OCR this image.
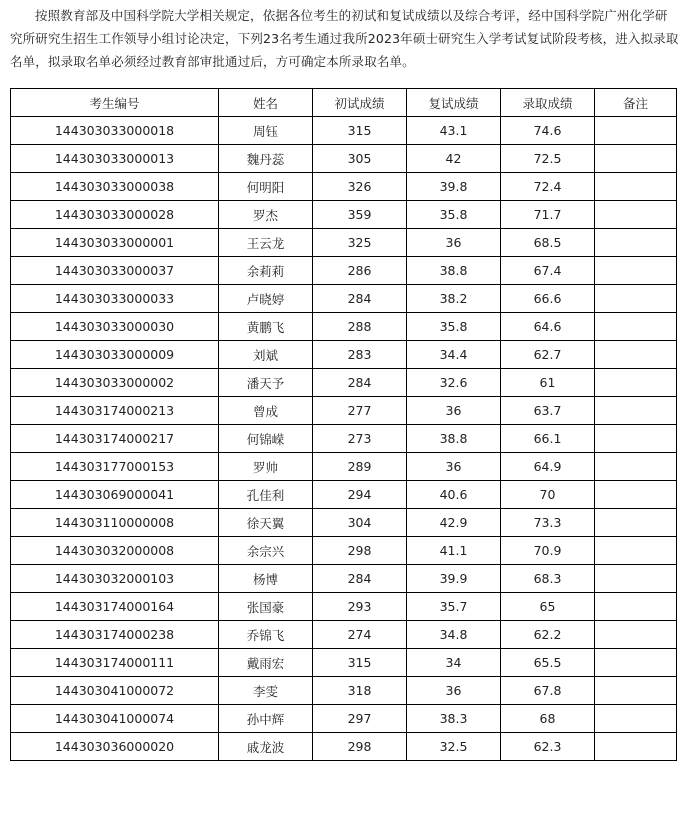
按照教育部及中国科学院大学相关规定，依据各位考生的初试和复试成绩以及综合考评，经中国科学院广州化学研究所研究生招生工作领导小组讨论决定，下列23名考生通过我所2023年硕士研究生入学考试复试阶段考核，进入拟录取名单，拟录取名单必须经过教育部审批通过后，方可确定本所录取名单。

考生编号	姓名	初试成绩	复试成绩	录取成绩	备注
144303033000018	周钰	315	43.1	74.6	
144303033000013	魏丹蕊	305	42	72.5	
144303033000038	何明阳	326	39.8	72.4	
144303033000028	罗杰	359	35.8	71.7	
144303033000001	王云龙	325	36	68.5	
144303033000037	余莉莉	286	38.8	67.4	
144303033000033	卢晓婷	284	38.2	66.6	
144303033000030	黄鹏飞	288	35.8	64.6	
144303033000009	刘斌	283	34.4	62.7	
144303033000002	潘天予	284	32.6	61	
144303174000213	曾成	277	36	63.7	
144303174000217	何锦嵘	273	38.8	66.1	
144303177000153	罗帅	289	36	64.9	
144303069000041	孔佳利	294	40.6	70	
144303110000008	徐天翼	304	42.9	73.3	
144303032000008	余宗兴	298	41.1	70.9	
144303032000103	杨博	284	39.9	68.3	
144303174000164	张国豪	293	35.7	65	
144303174000238	乔锦飞	274	34.8	62.2	
144303174000111	戴雨宏	315	34	65.5	
144303041000072	李雯	318	36	67.8	
144303041000074	孙中辉	297	38.3	68	
144303036000020	戚龙波	298	32.5	62.3	
